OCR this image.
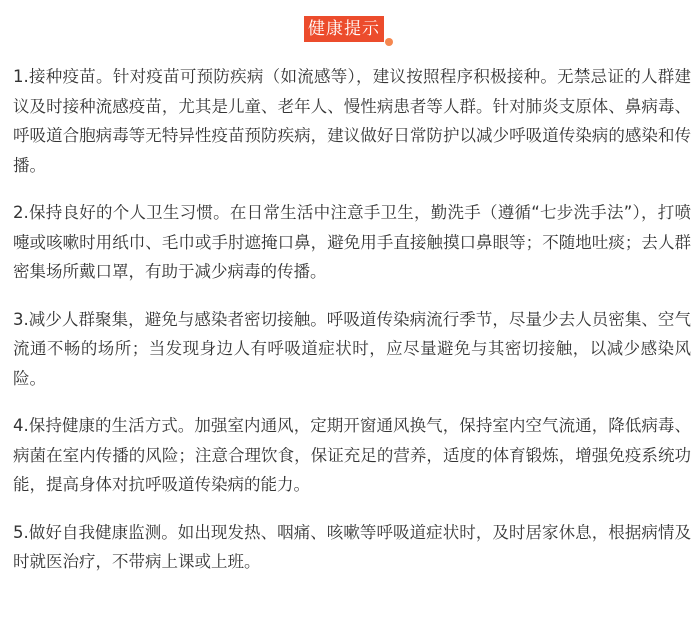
健康提示

1.接种疫苗。针对疫苗可预防疾病（如流感等），建议按照程序积极接种。无禁忌证的人群建议及时接种流感疫苗，尤其是儿童、老年人、慢性病患者等人群。针对肺炎支原体、鼻病毒、呼吸道合胞病毒等无特异性疫苗预防疾病，建议做好日常防护以减少呼吸道传染病的感染和传播。

2.保持良好的个人卫生习惯。在日常生活中注意手卫生，勤洗手（遵循“七步洗手法”），打喷嚏或咳嗽时用纸巾、毛巾或手肘遮掩口鼻，避免用手直接触摸口鼻眼等；不随地吐痰；去人群密集场所戴口罩，有助于减少病毒的传播。

3.减少人群聚集，避免与感染者密切接触。呼吸道传染病流行季节，尽量少去人员密集、空气流通不畅的场所；当发现身边人有呼吸道症状时，应尽量避免与其密切接触，以减少感染风险。

4.保持健康的生活方式。加强室内通风，定期开窗通风换气，保持室内空气流通，降低病毒、病菌在室内传播的风险；注意合理饮食，保证充足的营养，适度的体育锻炼，增强免疫系统功能，提高身体对抗呼吸道传染病的能力。

5.做好自我健康监测。如出现发热、咽痛、咳嗽等呼吸道症状时，及时居家休息，根据病情及时就医治疗，不带病上课或上班。
